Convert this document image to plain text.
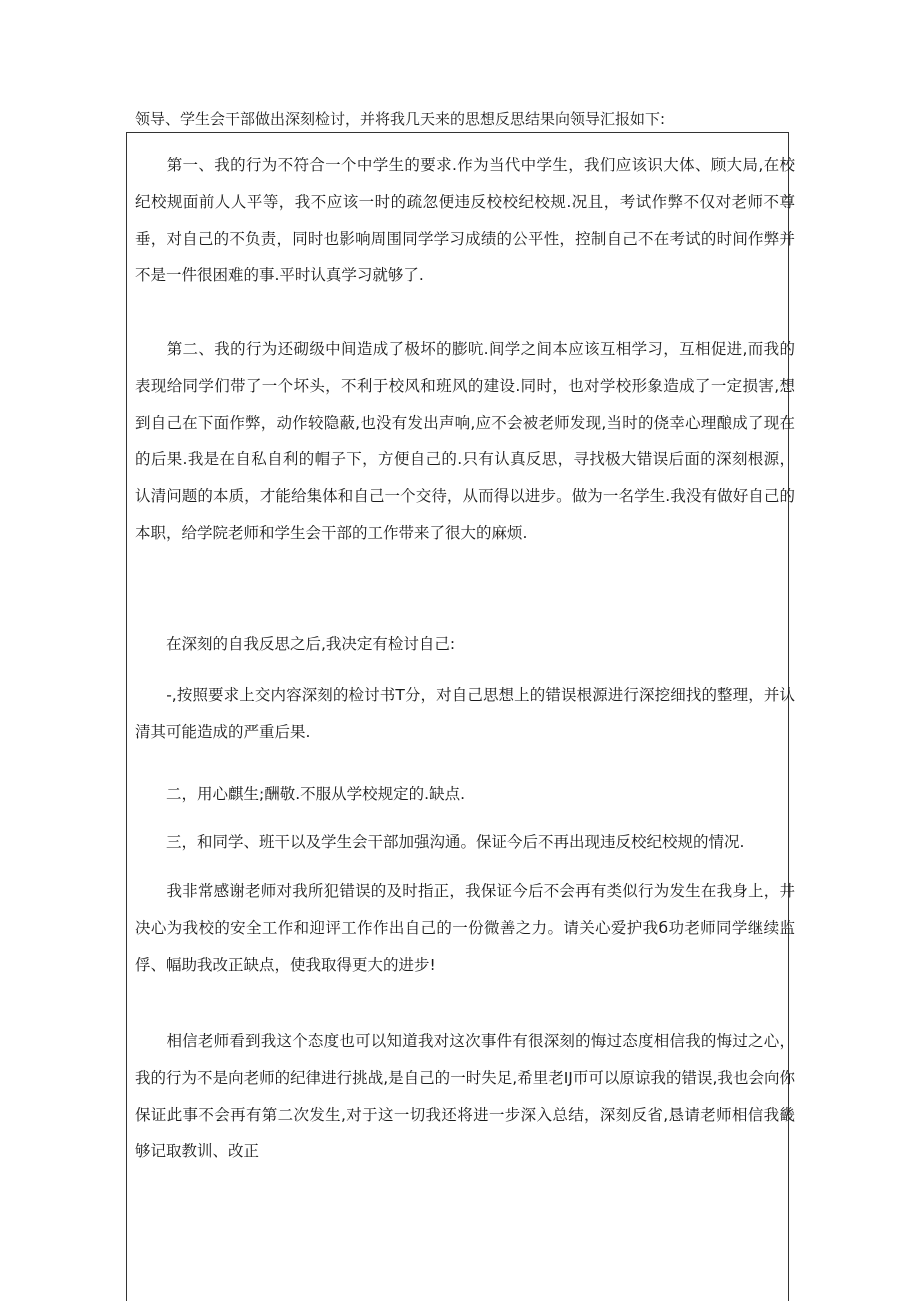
领导、学生会干部做出深刻检讨，并将我几天来的思想反思结果向领导汇报如下:

　　第一、我的行为不符合一个中学生的要求.作为当代中学生，我们应该识大体、顾大局,在校纪校规面前人人平等，我不应该一时的疏忽便违反校校纪校规.况且，考试作弊不仅对老师不尊垂，对自己的不负责，同时也影响周围同学学习成绩的公平性，控制自己不在考试的时间作弊并不是一件很困难的事.平时认真学习就够了.

　　第二、我的行为还砌级中间造成了极坏的膨吭.间学之间本应该互相学习，互相促进,而我的表现给同学们带了一个坏头，不利于校风和班风的建设.同时，也对学校形象造成了一定损害,想到自己在下面作弊，动作较隐蔽,也没有发出声响,应不会被老师发现,当时的侥幸心理酿成了现在的后果.我是在自私自利的帽子下，方便自己的.只有认真反思，寻找极大错误后面的深刻根源，认清问题的本质，才能给集体和自己一个交待，从而得以进步。做为一名学生.我没有做好自己的本职，给学院老师和学生会干部的工作带来了很大的麻烦.

　　在深刻的自我反思之后,我决定有检讨自己:

　　-,按照要求上交内容深刻的检讨书T分，对自己思想上的错误根源进行深挖细找的整理，并认清其可能造成的严重后果.

　　二，用心麒生;酬敬.不服从学校规定的.缺点.

　　三，和同学、班干以及学生会干部加强沟通。保证今后不再出现违反校纪校规的情况.

　　我非常感谢老师对我所犯错误的及时指正，我保证今后不会再有类似行为发生在我身上，井决心为我校的安全工作和迎评工作作出自己的一份微善之力。请关心爱护我б功老师同学继续监俘、幅助我改正缺点，使我取得更大的进步!

　　相信老师看到我这个态度也可以知道我对这次事件有很深刻的悔过态度相信我的悔过之心，我的行为不是向老师的纪律进行挑战,是自己的一时失足,希里老IJ帀可以原谅我的错误,我也会向你保证此事不会再有第二次发生,对于这一切我还将进一步深入总结，深刻反省,恳请老师相信我畿够记取教训、改正
